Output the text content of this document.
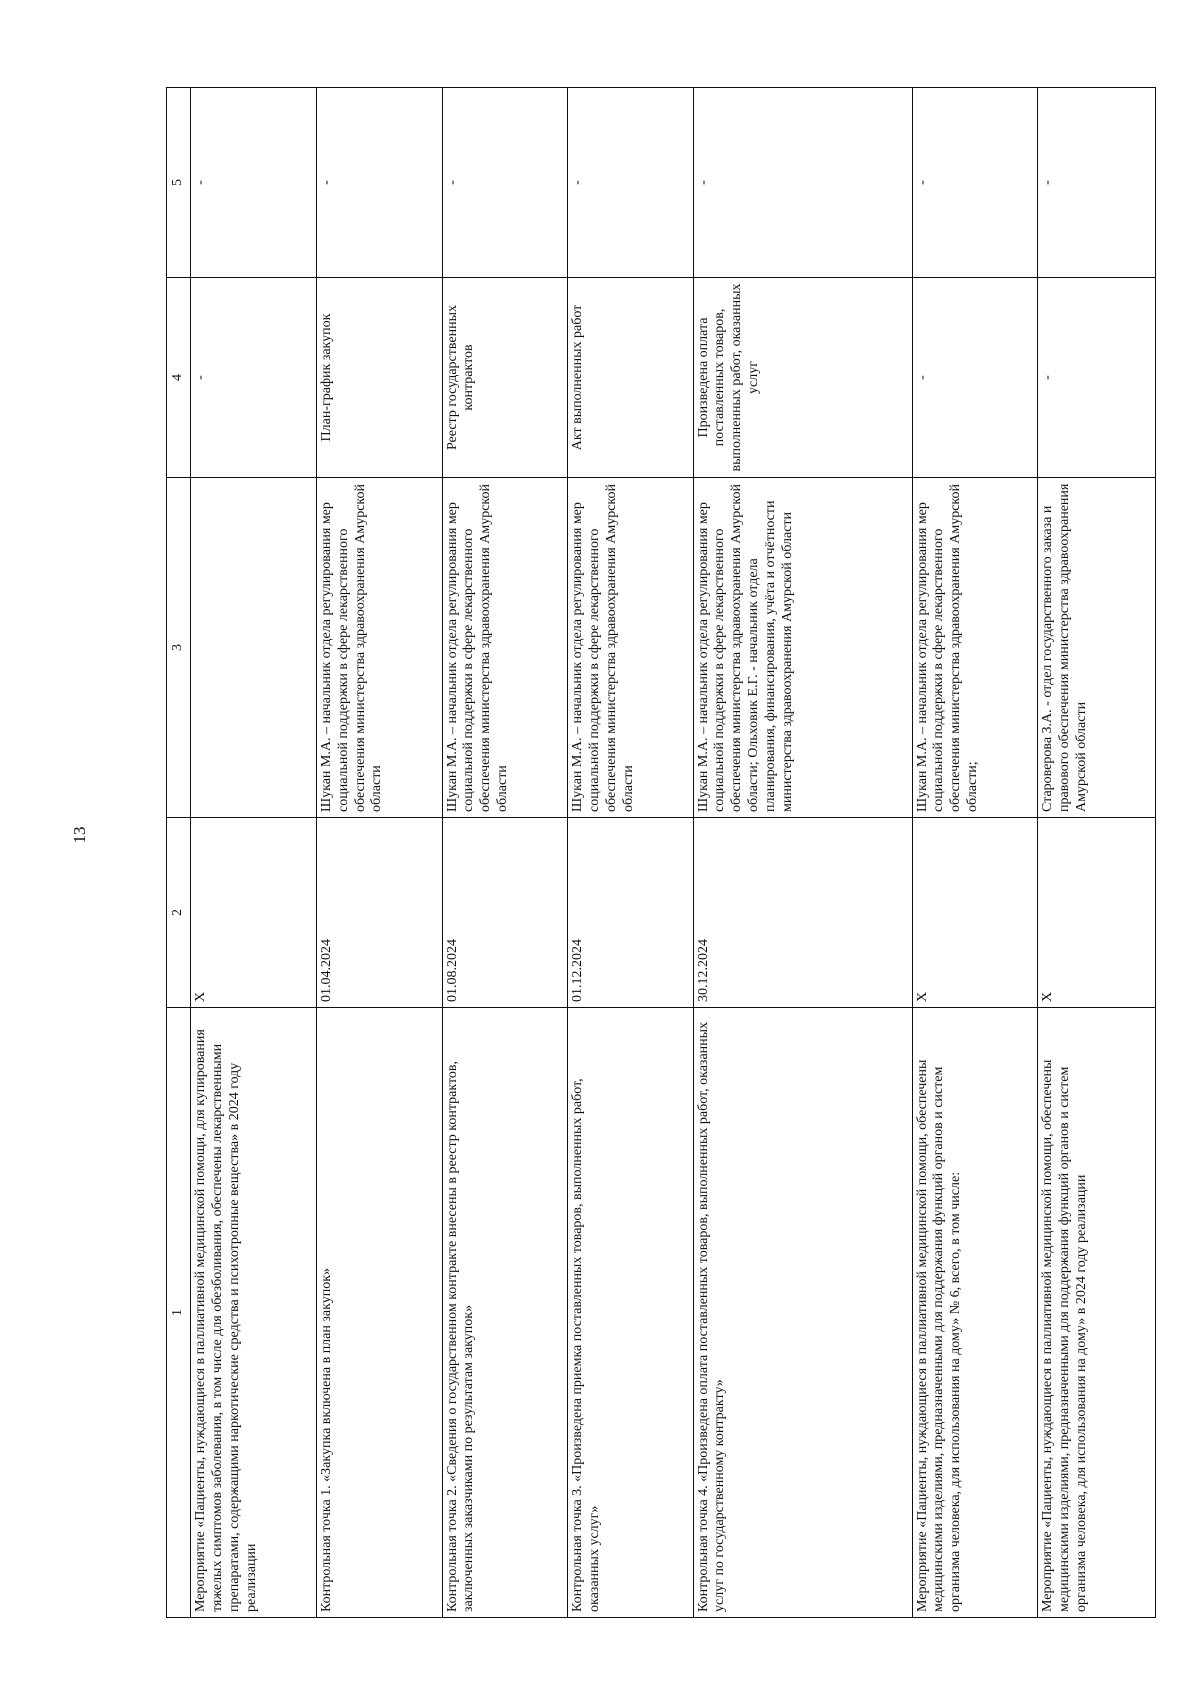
13
1	2	3	4	5
Мероприятие «Пациенты, нуждающиеся в паллиативной медицинской помощи, для купирования тяжелых симптомов заболевания, в том числе для обезболивания, обеспечены лекарственными препаратами, содержащими наркотические средства и психотропные вещества» в 2024 году реализации	X		-	-
Контрольная точка 1. «Закупка включена в план закупок»	01.04.2024	Шукан М.А. – начальник отдела регулирования мер социальной поддержки в сфере лекарственного обеспечения министерства здравоохранения Амурской области	План-график закупок	-
Контрольная точка 2. «Сведения о государственном контракте внесены в реестр контрактов, заключенных заказчиками по результатам закупок»	01.08.2024	Шукан М.А. – начальник отдела регулирования мер социальной поддержки в сфере лекарственного обеспечения министерства здравоохранения Амурской области	Реестр государственных контрактов	-
Контрольная точка 3. «Произведена приемка поставленных товаров, выполненных работ, оказанных услуг»	01.12.2024	Шукан М.А. – начальник отдела регулирования мер социальной поддержки в сфере лекарственного обеспечения министерства здравоохранения Амурской области	Акт выполненных работ	-
Контрольная точка 4. «Произведена оплата поставленных товаров, выполненных работ, оказанных услуг по государственному контракту»	30.12.2024	Шукан М.А. – начальник отдела регулирования мер социальной поддержки в сфере лекарственного обеспечения министерства здравоохранения Амурской области; Ольховик Е.Г. - начальник отдела планирования, финансирования, учёта и отчётности министерства здравоохранения Амурской области	Произведена оплата поставленных товаров, выполненных работ, оказанных услуг	-
Мероприятие «Пациенты, нуждающиеся в паллиативной медицинской помощи, обеспечены медицинскими изделиями, предназначенными для поддержания функций органов и систем организма человека, для использования на дому» № 6, всего, в том числе:	X	Шукан М.А. – начальник отдела регулирования мер социальной поддержки в сфере лекарственного обеспечения министерства здравоохранения Амурской области;	-	-
Мероприятие «Пациенты, нуждающиеся в паллиативной медицинской помощи, обеспечены медицинскими изделиями, предназначенными для поддержания функций органов и систем организма человека, для использования на дому» в 2024 году реализации	X	Староверова З.А. - отдел государственного заказа и правового обеспечения министерства здравоохранения Амурской области	-	-
